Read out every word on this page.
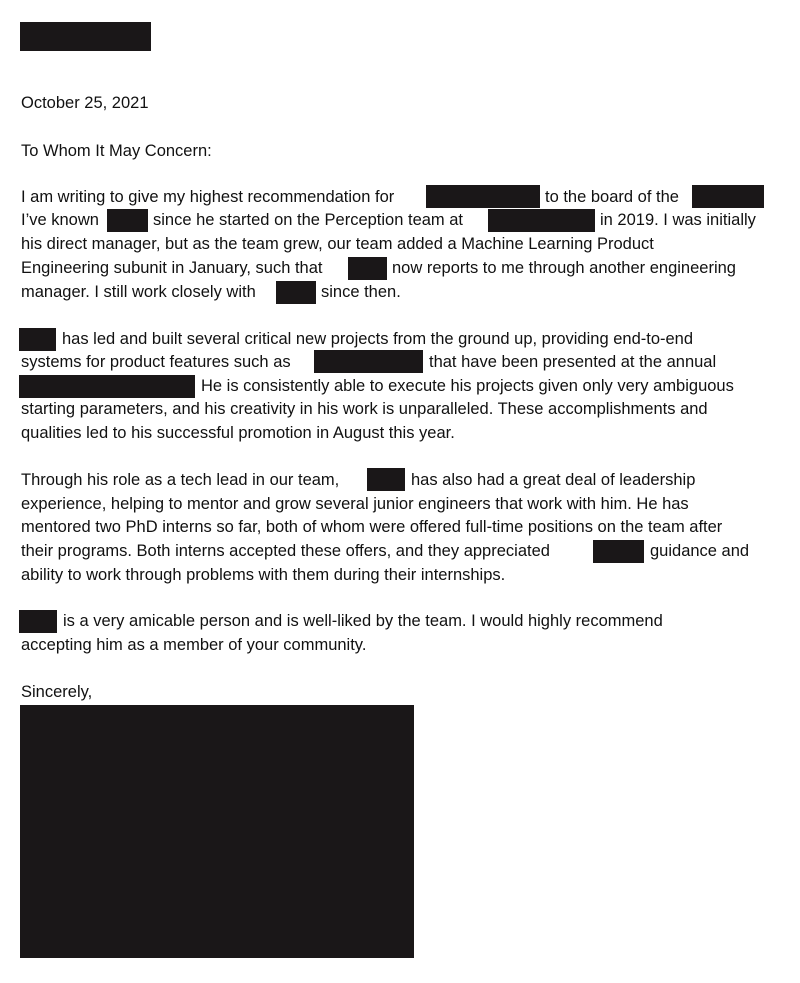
October 25, 2021
To Whom It May Concern:
I am writing to give my highest recommendation for	to the board of the
I’ve known	since he started on the Perception team at	in 2019. I was initially
his direct manager, but as the team grew, our team added a Machine Learning Product
Engineering subunit in January, such that	now reports to me through another engineering
manager. I still work closely with	since then.
has led and built several critical new projects from the ground up, providing end-to-end
systems for product features such as	that have been presented at the annual
He is consistently able to execute his projects given only very ambiguous
starting parameters, and his creativity in his work is unparalleled. These accomplishments and
qualities led to his successful promotion in August this year.
Through his role as a tech lead in our team,	has also had a great deal of leadership
experience, helping to mentor and grow several junior engineers that work with him. He has
mentored two PhD interns so far, both of whom were offered full-time positions on the team after
their programs. Both interns accepted these offers, and they appreciated	guidance and
ability to work through problems with them during their internships.
is a very amicable person and is well-liked by the team. I would highly recommend
accepting him as a member of your community.
Sincerely,
